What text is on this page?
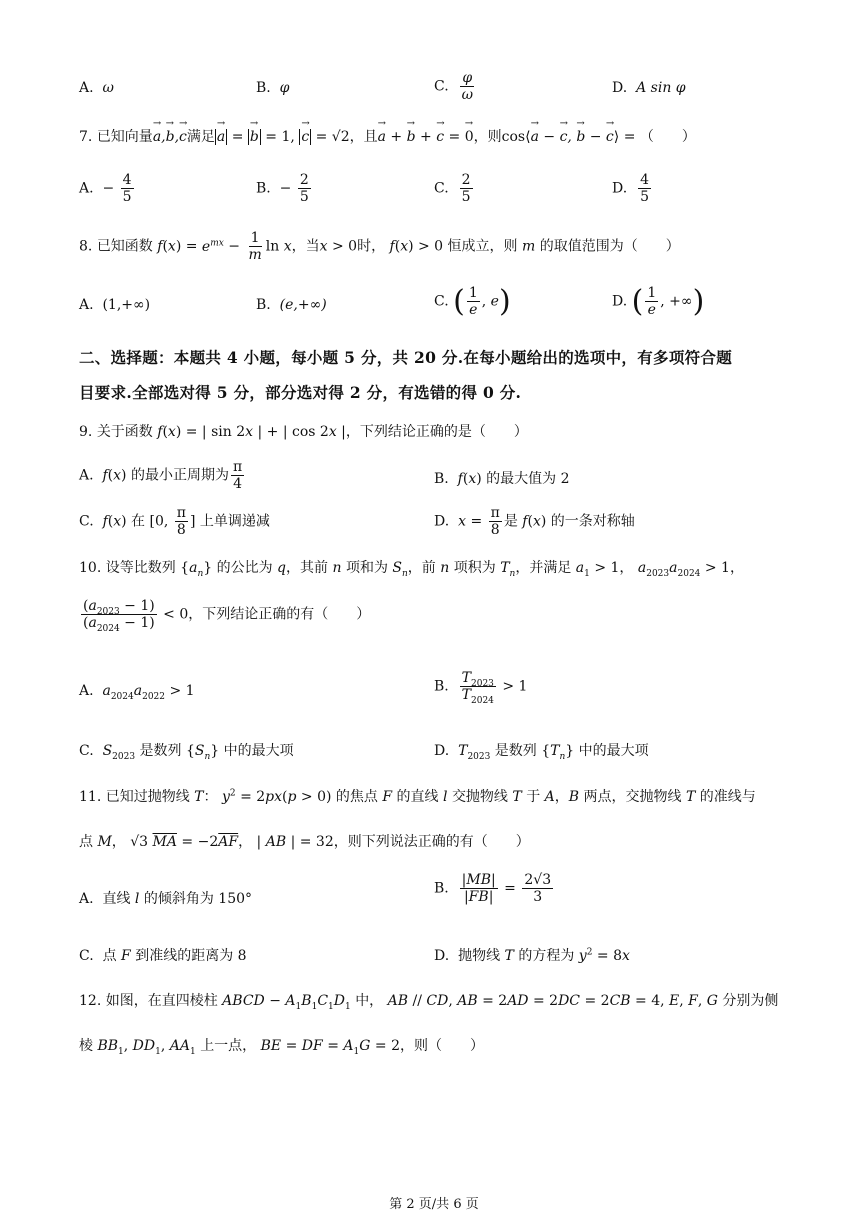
A. ω	B. φ	C. $\frac{\varphi}{\omega}$	D. A sin φ
7. 已知向量→ a,→ b,→ c满足 → a = → b = 1, → c = √2，且→ a + → b + → c = → 0，则cos⟨→ a − → c, → b − → c⟩ = （　　）
A.  − $\frac{4}{5}$	B.  − $\frac{2}{5}$	C. $\frac{2}{5}$	D. $\frac{4}{5}$
8. 已知函数 $f(x) = e^{mx} - \frac{1}{m}$ ln x，当x > 0时， f(x) > 0 恒成立，则 m 的取值范围为（　　）
A. (1,+∞)	B. (e,+∞)	C. ( $\frac{1}{e}$ , e)	D. ( $\frac{1}{e}$ , +∞)
二、选择题：本题共 4 小题，每小题 5 分，共 20 分.在每小题给出的选项中，有多项符合题
目要求.全部选对得 5 分，部分选对得 2 分，有选错的得 0 分.
9. 关于函数 f(x) = | sin 2x | + | cos 2x |，下列结论正确的是（　　）
A. f(x) 的最小正周期为 $\frac{\pi}{4}$	B. f(x) 的最大值为 2
C. f(x) 在 [0, $\frac{\pi}{8}$ ] 上单调递减	D. $x = \frac{\pi}{8}$ 是 f(x) 的一条对称轴
10. 设等比数列 $\{a_n\}$ 的公比为 q，其前 n 项和为 $S_n$，前 n 项积为 $T_n$，并满足 $a_1 > 1$， $a_{2023}a_{2024} > 1$，
$\frac{(a_{2023} - 1)}{(a_{2024} - 1)} < 0$，下列结论正确的有（　　）
A. $a_{2024}a_{2022} > 1$	B. $\frac{T_{2023}}{T_{2024}} > 1$
C. $S_{2023}$ 是数列 $\{S_n\}$ 中的最大项	D. $T_{2023}$ 是数列 $\{T_n\}$ 中的最大项
11. 已知过抛物线 T： $y^2 = 2px(p > 0)$ 的焦点 F 的直线 l 交抛物线 T 于 A，B 两点，交抛物线 T 的准线与
点 M， √3 $\overline{MA} = -2\overline{AF}$， | AB | = 32，则下列说法正确的有（　　）
A. 直线 l 的倾斜角为 150°
B. $\frac{|MB|}{|FB|} = \frac{2√3}{3}$
C. 点 F 到准线的距离为 8	D. 抛物线 T 的方程为 $y^2 = 8x$
12. 如图，在直四棱柱 ABCD − $A_1B_1C_1D_1$ 中， AB // CD, AB = 2AD = 2DC = 2CB = 4, E, F, G 分别为侧
棱 $BB_1$, $DD_1$, $AA_1$ 上一点， BE = DF = $A_1G = 2$，则（　　）
第 2 页/共 6 页
